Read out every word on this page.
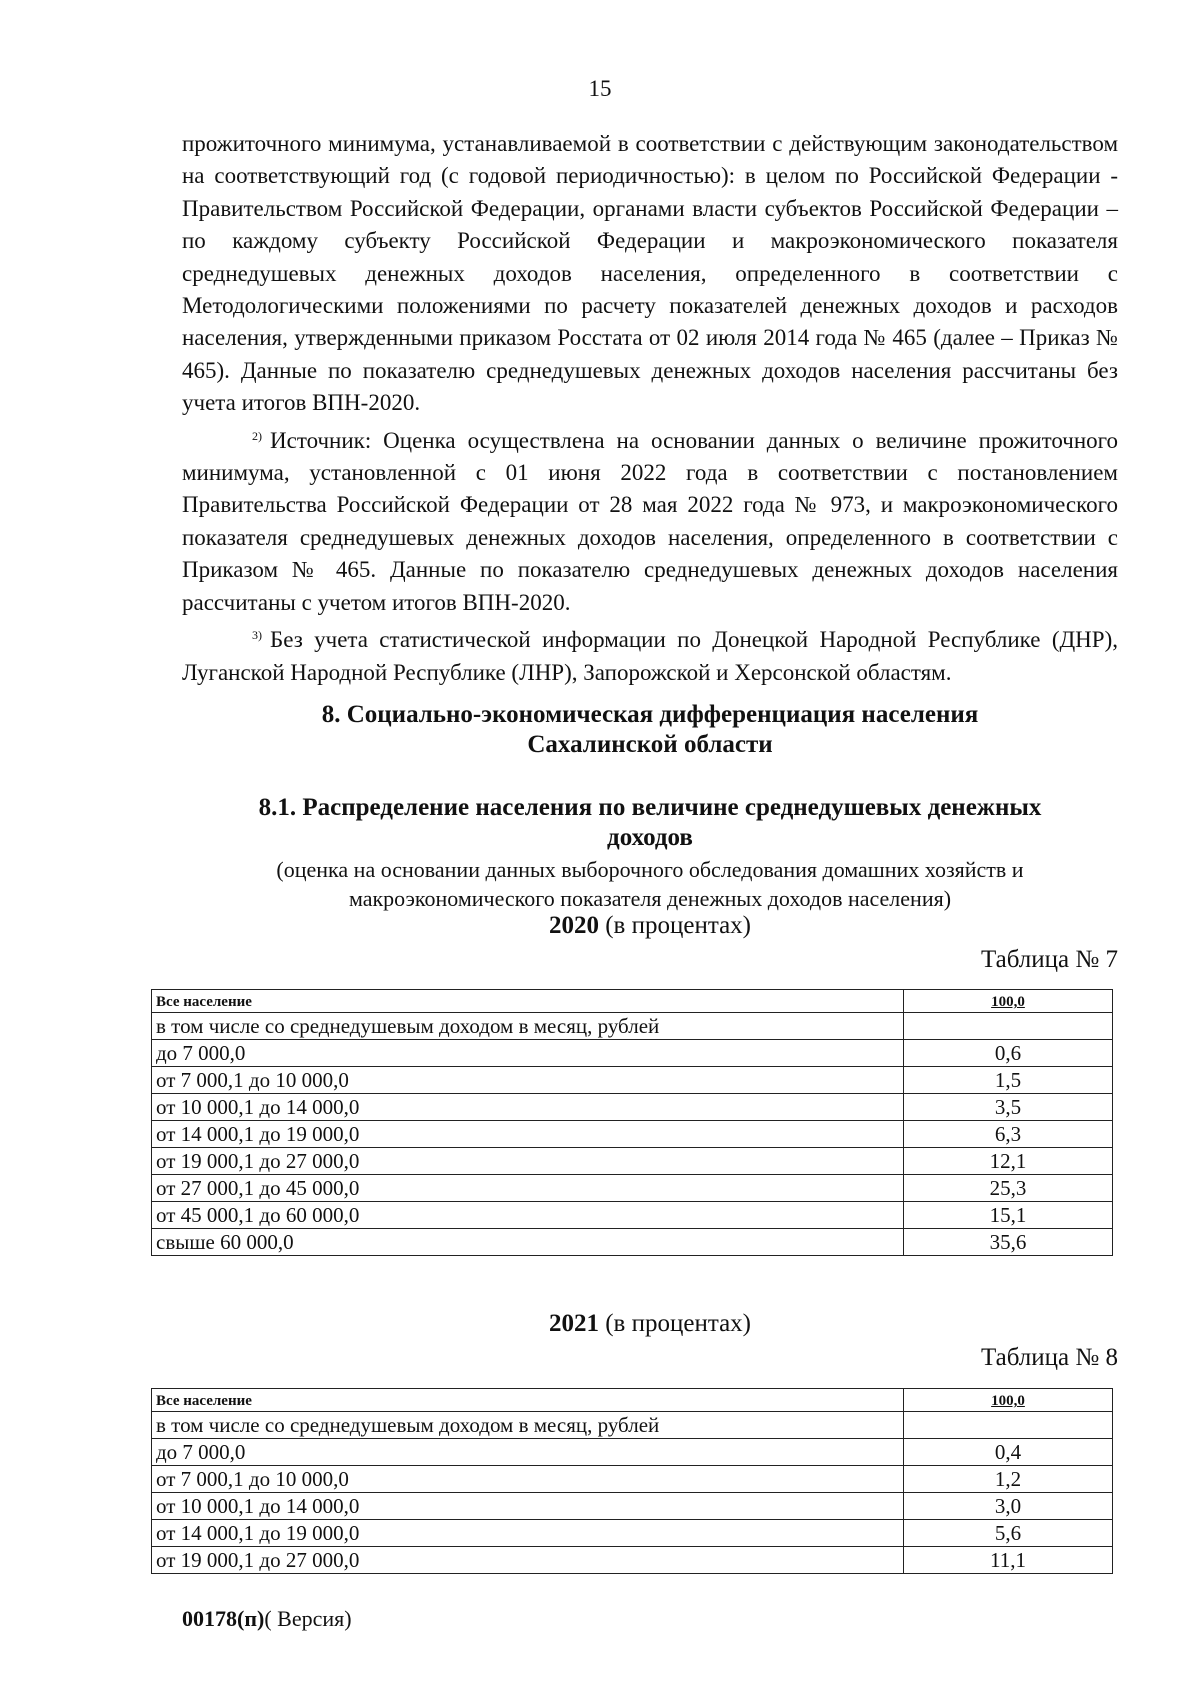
15

прожиточного минимума, устанавливаемой в соответствии с действующим законодательством на соответствующий год (с годовой периодичностью): в целом по Российской Федерации - Правительством Российской Федерации, органами власти субъектов Российской Федерации – по каждому субъекту Российской Федерации и макроэкономического показателя среднедушевых денежных доходов населения, определенного в соответствии с Методологическими положениями по расчету показателей денежных доходов и расходов населения, утвержденными приказом Росстата от 02 июля 2014 года № 465 (далее – Приказ № 465). Данные по показателю среднедушевых денежных доходов населения рассчитаны без учета итогов ВПН-2020.

$^{2)}$ Источник: Оценка осуществлена на основании данных о величине прожиточного минимума, установленной с 01 июня 2022 года в соответствии с постановлением Правительства Российской Федерации от 28 мая 2022 года № 973, и макроэкономического показателя среднедушевых денежных доходов населения, определенного в соответствии с Приказом № 465. Данные по показателю среднедушевых денежных доходов населения рассчитаны с учетом итогов ВПН-2020.

$^{3)}$ Без учета статистической информации по Донецкой Народной Республике (ДНР), Луганской Народной Республике (ЛНР), Запорожской и Херсонской областям.

8. Социально-экономическая дифференциация населения
Сахалинской области
8.1. Распределение населения по величине среднедушевых денежных
доходов
(оценка на основании данных выборочного обследования домашних хозяйств и
макроэкономического показателя денежных доходов населения)
2020 (в процентах)
Таблица № 7
Все население	100,0
в том числе со среднедушевым доходом в месяц, рублей	
до 7 000,0	0,6
от 7 000,1 до 10 000,0	1,5
от 10 000,1 до 14 000,0	3,5
от 14 000,1 до 19 000,0	6,3
от 19 000,1 до 27 000,0	12,1
от 27 000,1 до 45 000,0	25,3
от 45 000,1 до 60 000,0	15,1
свыше 60 000,0	35,6
2021 (в процентах)
Таблица № 8
Все население	100,0
в том числе со среднедушевым доходом в месяц, рублей	
до 7 000,0	0,4
от 7 000,1 до 10 000,0	1,2
от 10 000,1 до 14 000,0	3,0
от 14 000,1 до 19 000,0	5,6
от 19 000,1 до 27 000,0	11,1
00178(п)( Версия)
